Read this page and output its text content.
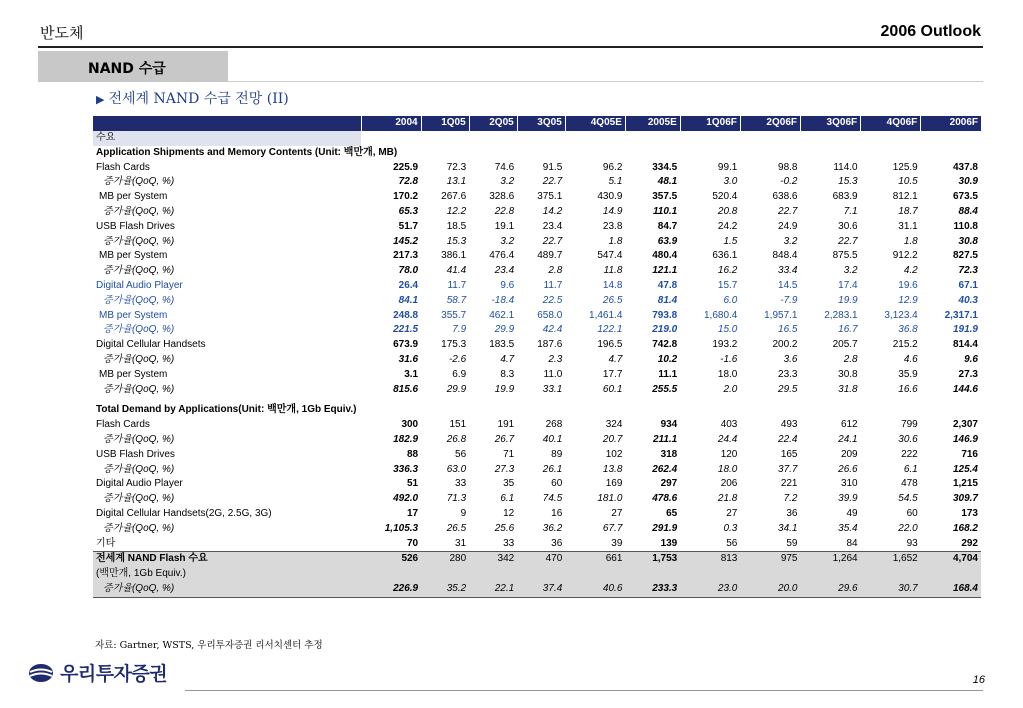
반도체	2006 Outlook
NAND 수급
▶ 전세계 NAND 수급 전망 (II)
	2004	1Q05	2Q05	3Q05	4Q05E	2005E	1Q06F	2Q06F	3Q06F	4Q06F	2006F
수요											
Application Shipments and Memory Contents (Unit: 백만개, MB)											
Flash Cards	225.9	72.3	74.6	91.5	96.2	334.5	99.1	98.8	114.0	125.9	437.8
증가율(QoQ, %)	72.8	13.1	3.2	22.7	5.1	48.1	3.0	-0.2	15.3	10.5	30.9
MB per System	170.2	267.6	328.6	375.1	430.9	357.5	520.4	638.6	683.9	812.1	673.5
증가율(QoQ, %)	65.3	12.2	22.8	14.2	14.9	110.1	20.8	22.7	7.1	18.7	88.4
USB Flash Drives	51.7	18.5	19.1	23.4	23.8	84.7	24.2	24.9	30.6	31.1	110.8
증가율(QoQ, %)	145.2	15.3	3.2	22.7	1.8	63.9	1.5	3.2	22.7	1.8	30.8
MB per System	217.3	386.1	476.4	489.7	547.4	480.4	636.1	848.4	875.5	912.2	827.5
증가율(QoQ, %)	78.0	41.4	23.4	2.8	11.8	121.1	16.2	33.4	3.2	4.2	72.3
Digital Audio Player	26.4	11.7	9.6	11.7	14.8	47.8	15.7	14.5	17.4	19.6	67.1
증가율(QoQ, %)	84.1	58.7	-18.4	22.5	26.5	81.4	6.0	-7.9	19.9	12.9	40.3
MB per System	248.8	355.7	462.1	658.0	1,461.4	793.8	1,680.4	1,957.1	2,283.1	3,123.4	2,317.1
증가율(QoQ, %)	221.5	7.9	29.9	42.4	122.1	219.0	15.0	16.5	16.7	36.8	191.9
Digital Cellular Handsets	673.9	175.3	183.5	187.6	196.5	742.8	193.2	200.2	205.7	215.2	814.4
증가율(QoQ, %)	31.6	-2.6	4.7	2.3	4.7	10.2	-1.6	3.6	2.8	4.6	9.6
MB per System	3.1	6.9	8.3	11.0	17.7	11.1	18.0	23.3	30.8	35.9	27.3
증가율(QoQ, %)	815.6	29.9	19.9	33.1	60.1	255.5	2.0	29.5	31.8	16.6	144.6

Total Demand by Applications(Unit: 백만개, 1Gb Equiv.)											
Flash Cards	300	151	191	268	324	934	403	493	612	799	2,307
증가율(QoQ, %)	182.9	26.8	26.7	40.1	20.7	211.1	24.4	22.4	24.1	30.6	146.9
USB Flash Drives	88	56	71	89	102	318	120	165	209	222	716
증가율(QoQ, %)	336.3	63.0	27.3	26.1	13.8	262.4	18.0	37.7	26.6	6.1	125.4
Digital Audio Player	51	33	35	60	169	297	206	221	310	478	1,215
증가율(QoQ, %)	492.0	71.3	6.1	74.5	181.0	478.6	21.8	7.2	39.9	54.5	309.7
Digital Cellular Handsets(2G, 2.5G, 3G)	17	9	12	16	27	65	27	36	49	60	173
증가율(QoQ, %)	1,105.3	26.5	25.6	36.2	67.7	291.9	0.3	34.1	35.4	22.0	168.2
기타	70	31	33	36	39	139	56	59	84	93	292
전세계 NAND Flash 수요	526	280	342	470	661	1,753	813	975	1,264	1,652	4,704
(백만개, 1Gb Equiv.)											
증가율(QoQ, %)	226.9	35.2	22.1	37.4	40.6	233.3	23.0	20.0	29.6	30.7	168.4
자료: Gartner, WSTS, 우리투자증권 리서치센터 추정
우리투자증권	16
